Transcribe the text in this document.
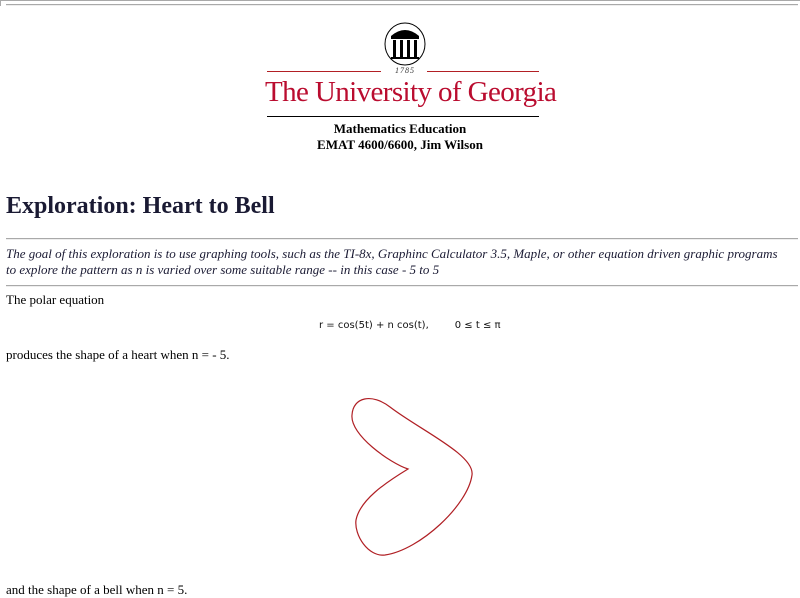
1785
The University of Georgia
Mathematics Education
EMAT 4600/6600, Jim Wilson
Exploration: Heart to Bell
The goal of this exploration is to use graphing tools, such as the TI-8x, Graphinc Calculator 3.5, Maple, or other equation driven graphic programs to explore the pattern as n is varied over some suitable range -- in this case - 5 to 5
The polar equation
r = cos(5t) + n cos(t),	0 ≤ t ≤ π
produces the shape of a heart when n = - 5.
and the shape of a bell when n = 5.
